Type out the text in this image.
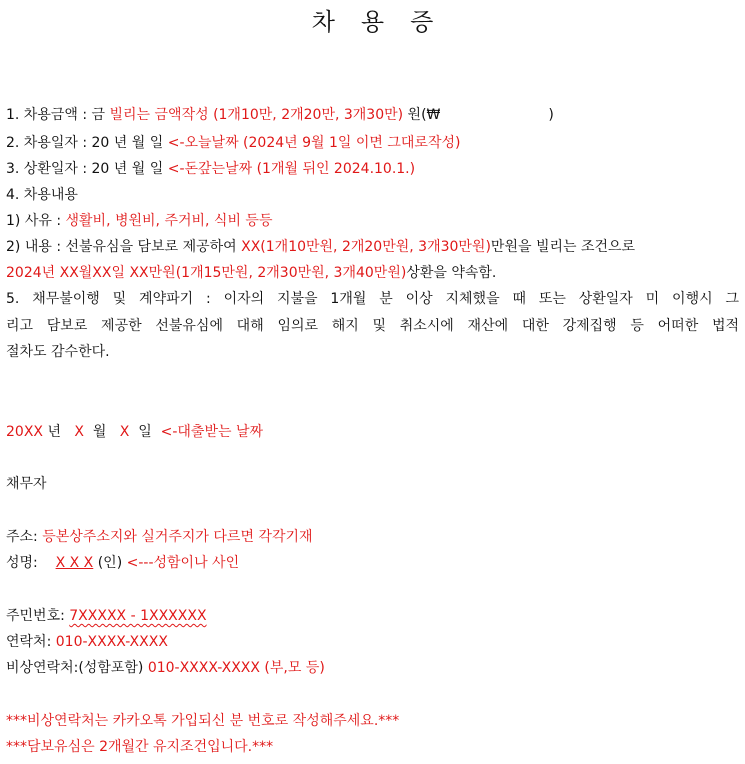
차용증
1. 차용금액 : 금 빌리는 금액작성 (1개10만, 2개20만, 3개30만) 원(₩	)
2. 차용일자 : 20 년 월 일 <-오늘날짜 (2024년 9월 1일 이면 그대로작성)
3. 상환일자 : 20 년 월 일 <-돈갚는날짜 (1개월 뒤인 2024.10.1.)
4. 차용내용
1) 사유 : 생활비, 병원비, 주거비, 식비 등등
2) 내용 : 선불유심을 담보로 제공하여 XX(1개10만원, 2개20만원, 3개30만원)만원을 빌리는 조건으로
2024년 XX월XX일 XX만원(1개15만원, 2개30만원, 3개40만원)상환을 약속함.
5. 채무불이행 및 계약파기 : 이자의 지불을 1개월 분 이상 지체했을 때 또는 상환일자 미 이행시 그
리고 담보로 제공한 선불유심에 대해 임의로 해지 및 취소시에 재산에 대한 강제집행 등 어떠한 법적
절차도 감수한다.
20XX 년   X  월   X  일  <-대출받는 날짜
채무자
주소: 등본상주소지와 실거주지가 다르면 각각기재
성명:    X X X (인) <---성함이나 사인
주민번호: 7XXXXX - 1XXXXXX
연락처: 010-XXXX-XXXX
비상연락처:(성함포함) 010-XXXX-XXXX (부,모 등)
***비상연락처는 카카오톡 가입되신 분 번호로 작성해주세요.***
***담보유심은 2개월간 유지조건입니다.***
